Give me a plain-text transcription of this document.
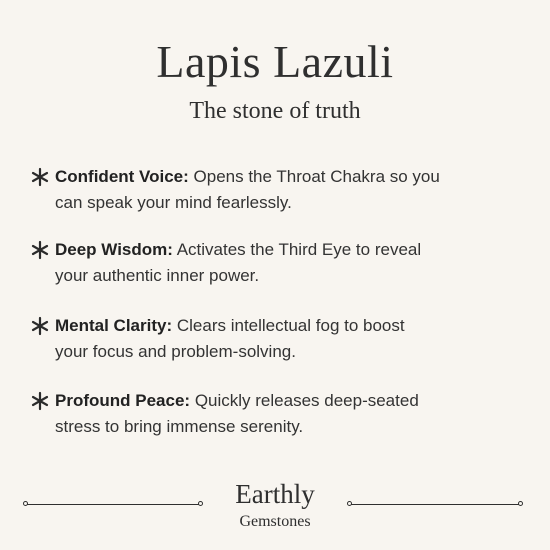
Lapis Lazuli
The stone of truth
Confident Voice: Opens the Throat Chakra so you
can speak your mind fearlessly.
Deep Wisdom: Activates the Third Eye to reveal
your authentic inner power.
Mental Clarity: Clears intellectual fog to boost
your focus and problem-solving.
Profound Peace: Quickly releases deep-seated
stress to bring immense serenity.
Earthly
Gemstones
